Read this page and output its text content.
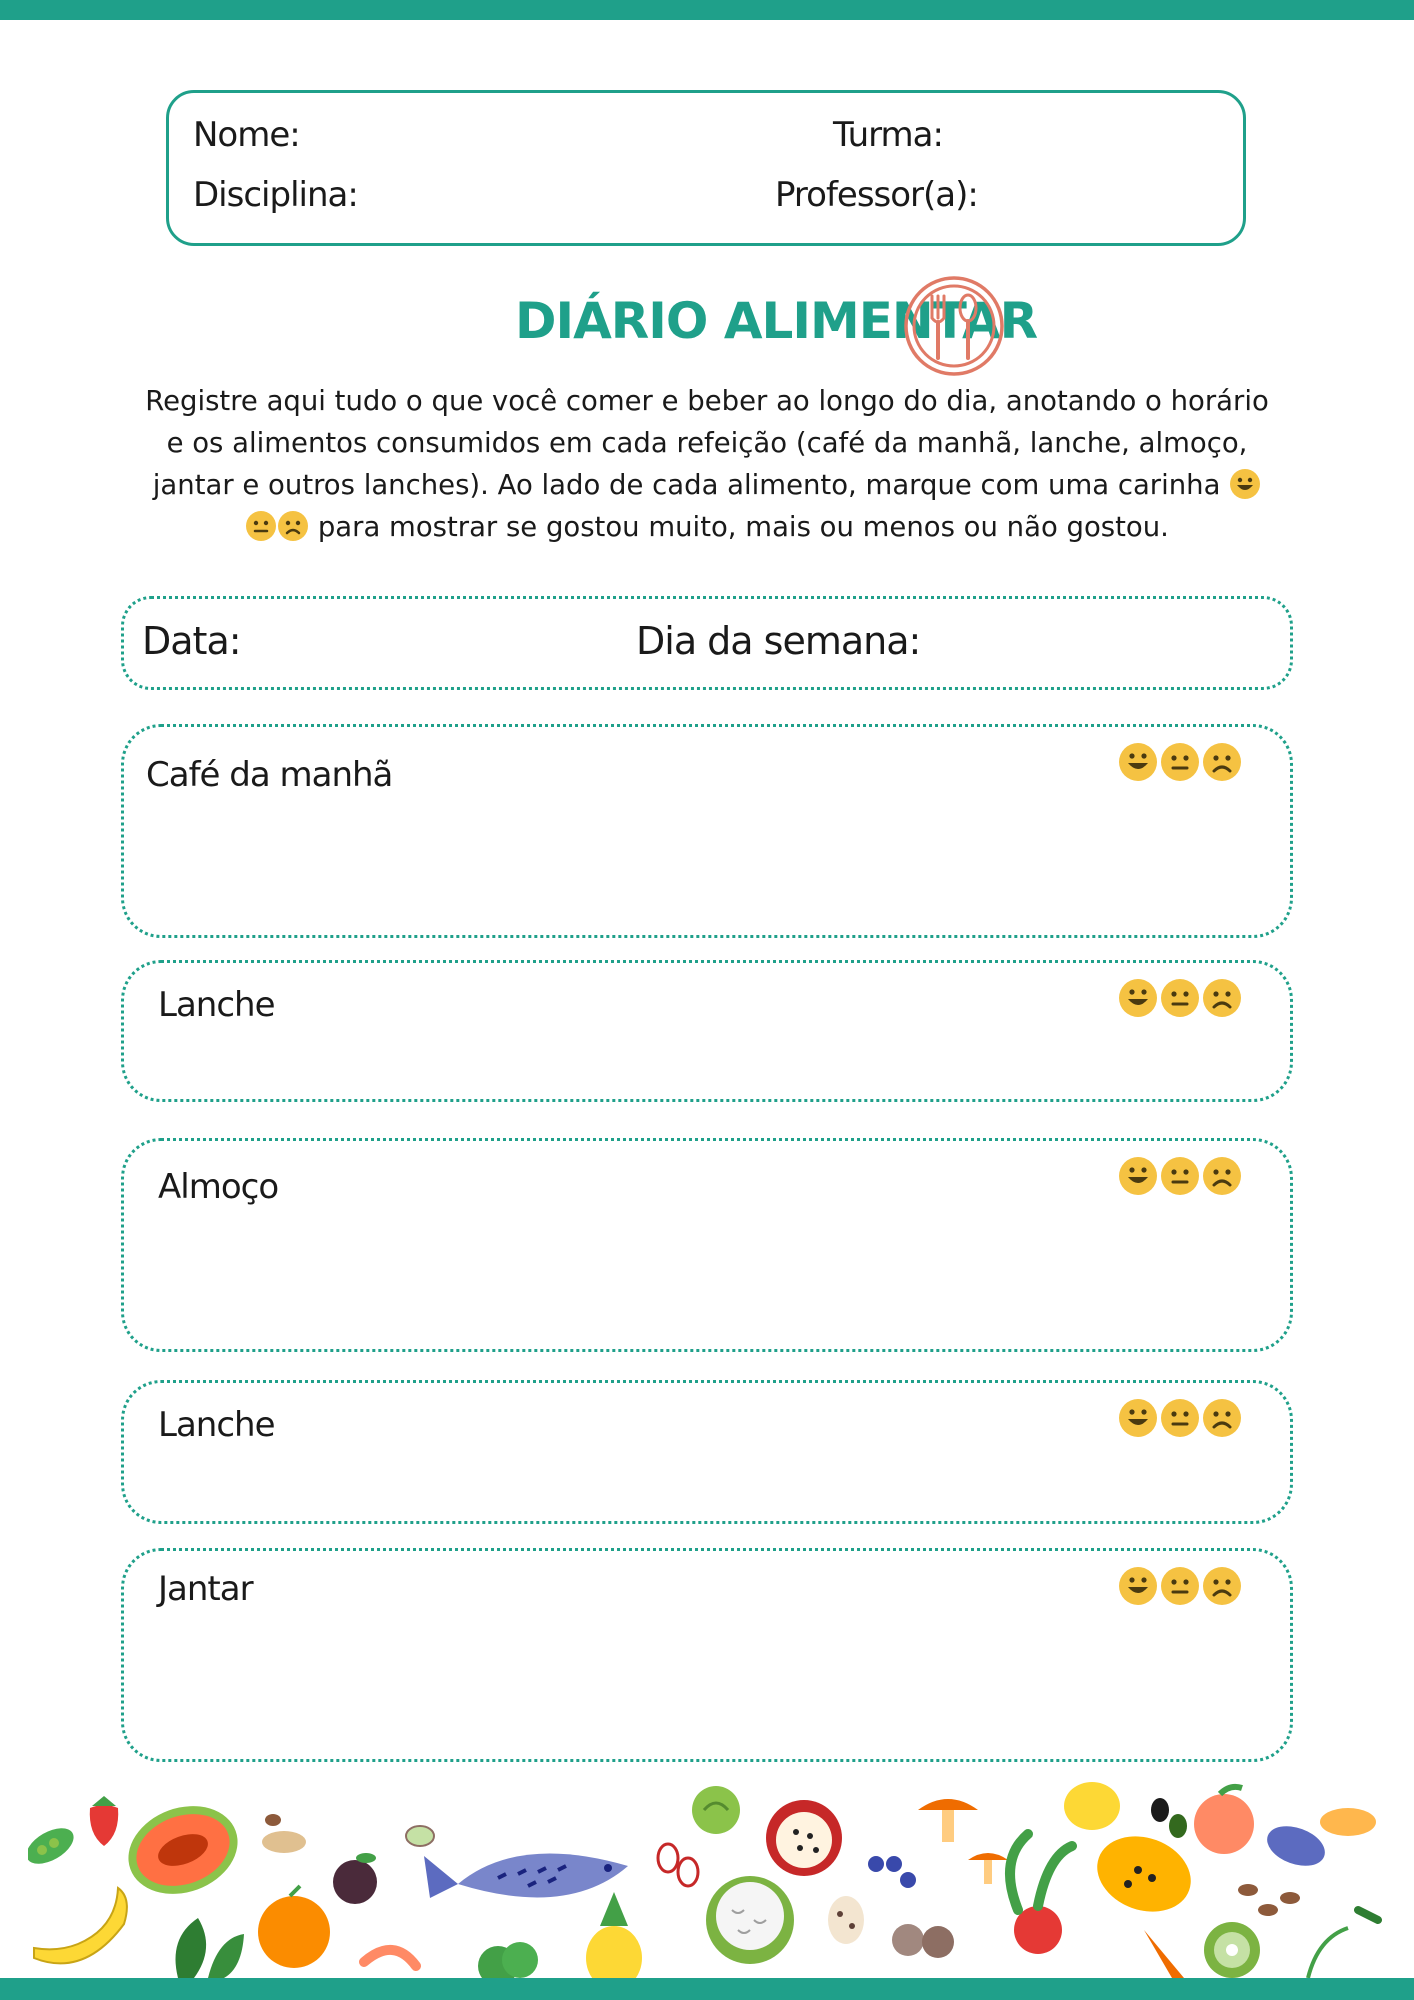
Nome:	Turma:
Disciplina:	Professor(a):
DIÁRIO ALIMENTAR
Registre aqui tudo o que você comer e beber ao longo do dia, anotando o horário
e os alimentos consumidos em cada refeição (café da manhã, lanche, almoço,
jantar e outros lanches). Ao lado de cada alimento, marque com uma carinha
para mostrar se gostou muito, mais ou menos ou não gostou.
Data:	Dia da semana:
Café da manhã
Lanche
Almoço
Lanche
Jantar
